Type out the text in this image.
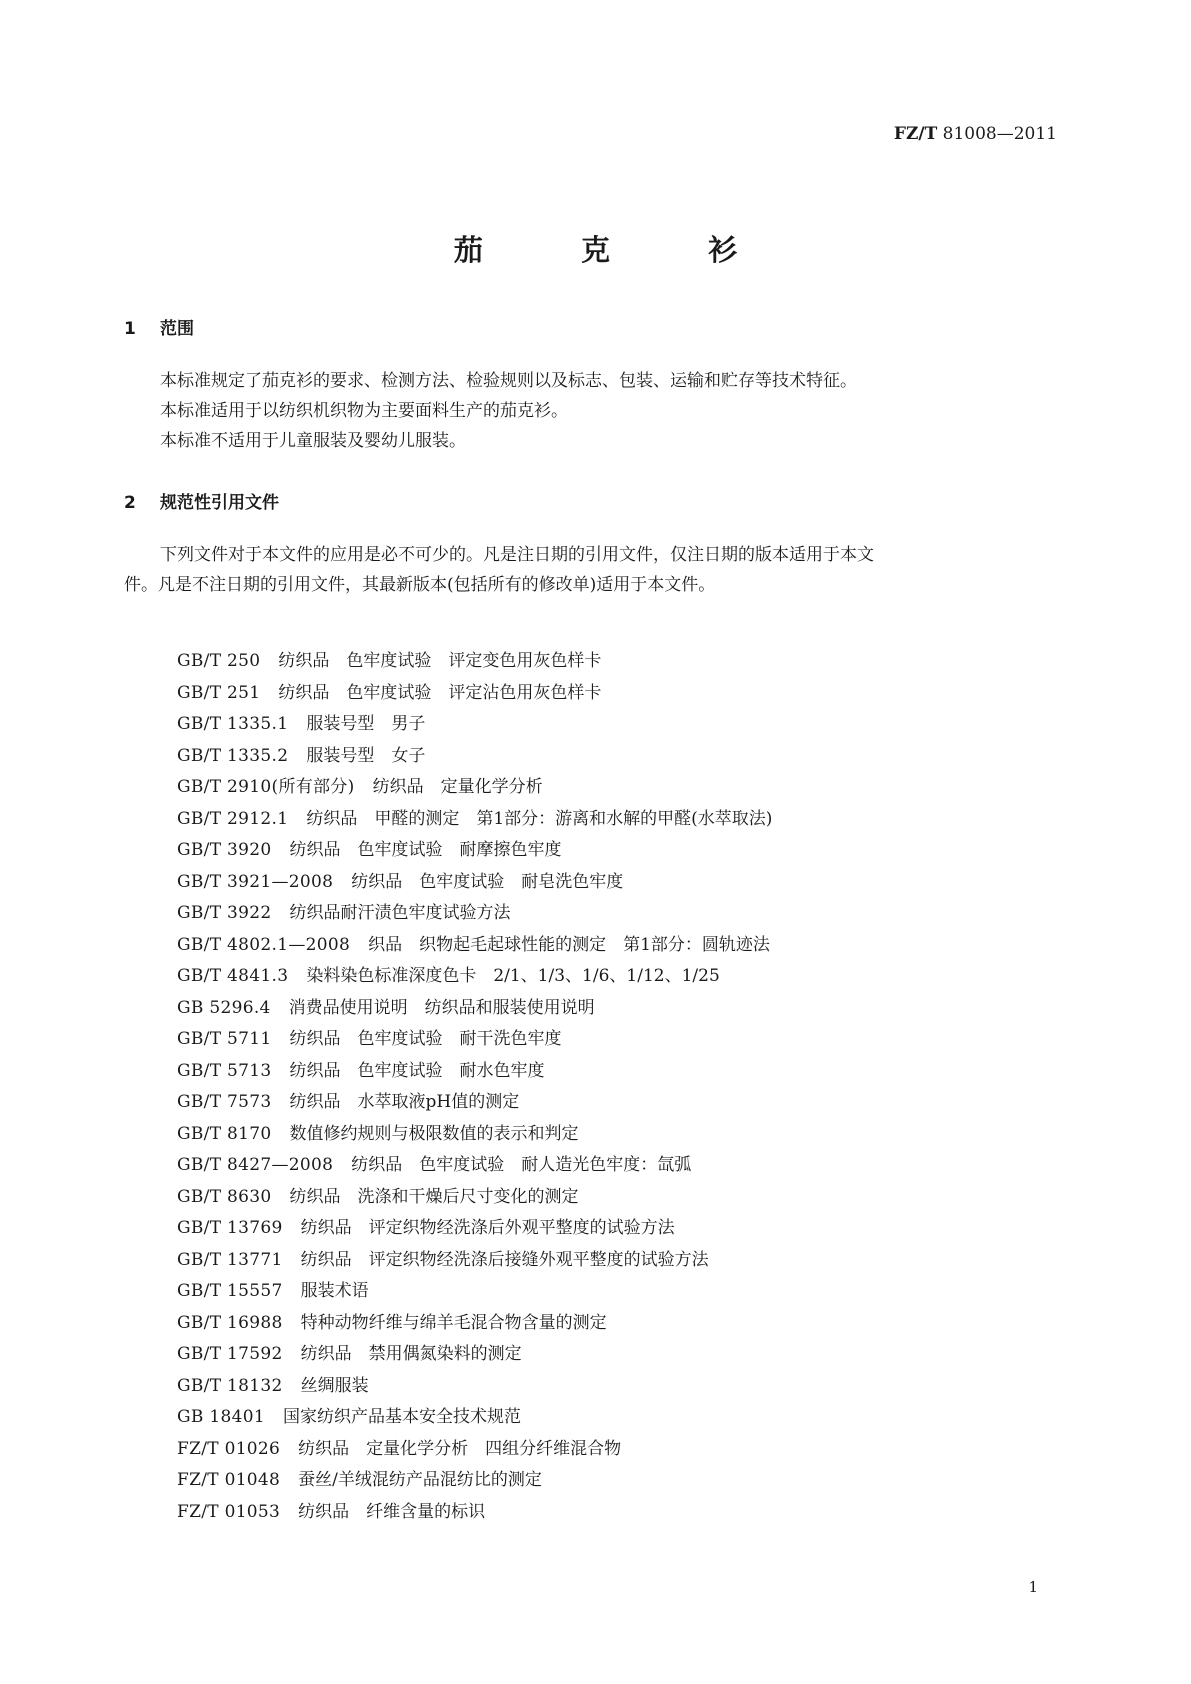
FZ/T 81008—2011
茄 克 衫
1 范围

本标准规定了茄克衫的要求、检测方法、检验规则以及标志、包装、运输和贮存等技术特征。
本标准适用于以纺织机织物为主要面料生产的茄克衫。
本标准不适用于儿童服装及婴幼儿服装。

2 规范性引用文件

下列文件对于本文件的应用是必不可少的。凡是注日期的引用文件，仅注日期的版本适用于本文
件。凡是不注日期的引用文件，其最新版本(包括所有的修改单)适用于本文件。

GB/T 250 纺织品　色牢度试验　评定变色用灰色样卡
GB/T 251 纺织品　色牢度试验　评定沾色用灰色样卡
GB/T 1335.1 服装号型　男子
GB/T 1335.2 服装号型　女子
GB/T 2910(所有部分) 纺织品　定量化学分析
GB/T 2912.1 纺织品　甲醛的测定　第1部分：游离和水解的甲醛(水萃取法)
GB/T 3920 纺织品　色牢度试验　耐摩擦色牢度
GB/T 3921—2008 纺织品　色牢度试验　耐皂洗色牢度
GB/T 3922 纺织品耐汗渍色牢度试验方法
GB/T 4802.1—2008 织品　织物起毛起球性能的测定　第1部分：圆轨迹法
GB/T 4841.3 染料染色标准深度色卡　2/1、1/3、1/6、1/12、1/25
GB 5296.4 消费品使用说明　纺织品和服装使用说明
GB/T 5711 纺织品　色牢度试验　耐干洗色牢度
GB/T 5713 纺织品　色牢度试验　耐水色牢度
GB/T 7573 纺织品　水萃取液pH值的测定
GB/T 8170 数值修约规则与极限数值的表示和判定
GB/T 8427—2008 纺织品　色牢度试验　耐人造光色牢度：氙弧
GB/T 8630 纺织品　洗涤和干燥后尺寸变化的测定
GB/T 13769 纺织品　评定织物经洗涤后外观平整度的试验方法
GB/T 13771 纺织品　评定织物经洗涤后接缝外观平整度的试验方法
GB/T 15557 服装术语
GB/T 16988 特种动物纤维与绵羊毛混合物含量的测定
GB/T 17592 纺织品　禁用偶氮染料的测定
GB/T 18132 丝绸服装
GB 18401 国家纺织产品基本安全技术规范
FZ/T 01026 纺织品　定量化学分析　四组分纤维混合物
FZ/T 01048 蚕丝/羊绒混纺产品混纺比的测定
FZ/T 01053 纺织品　纤维含量的标识
1
